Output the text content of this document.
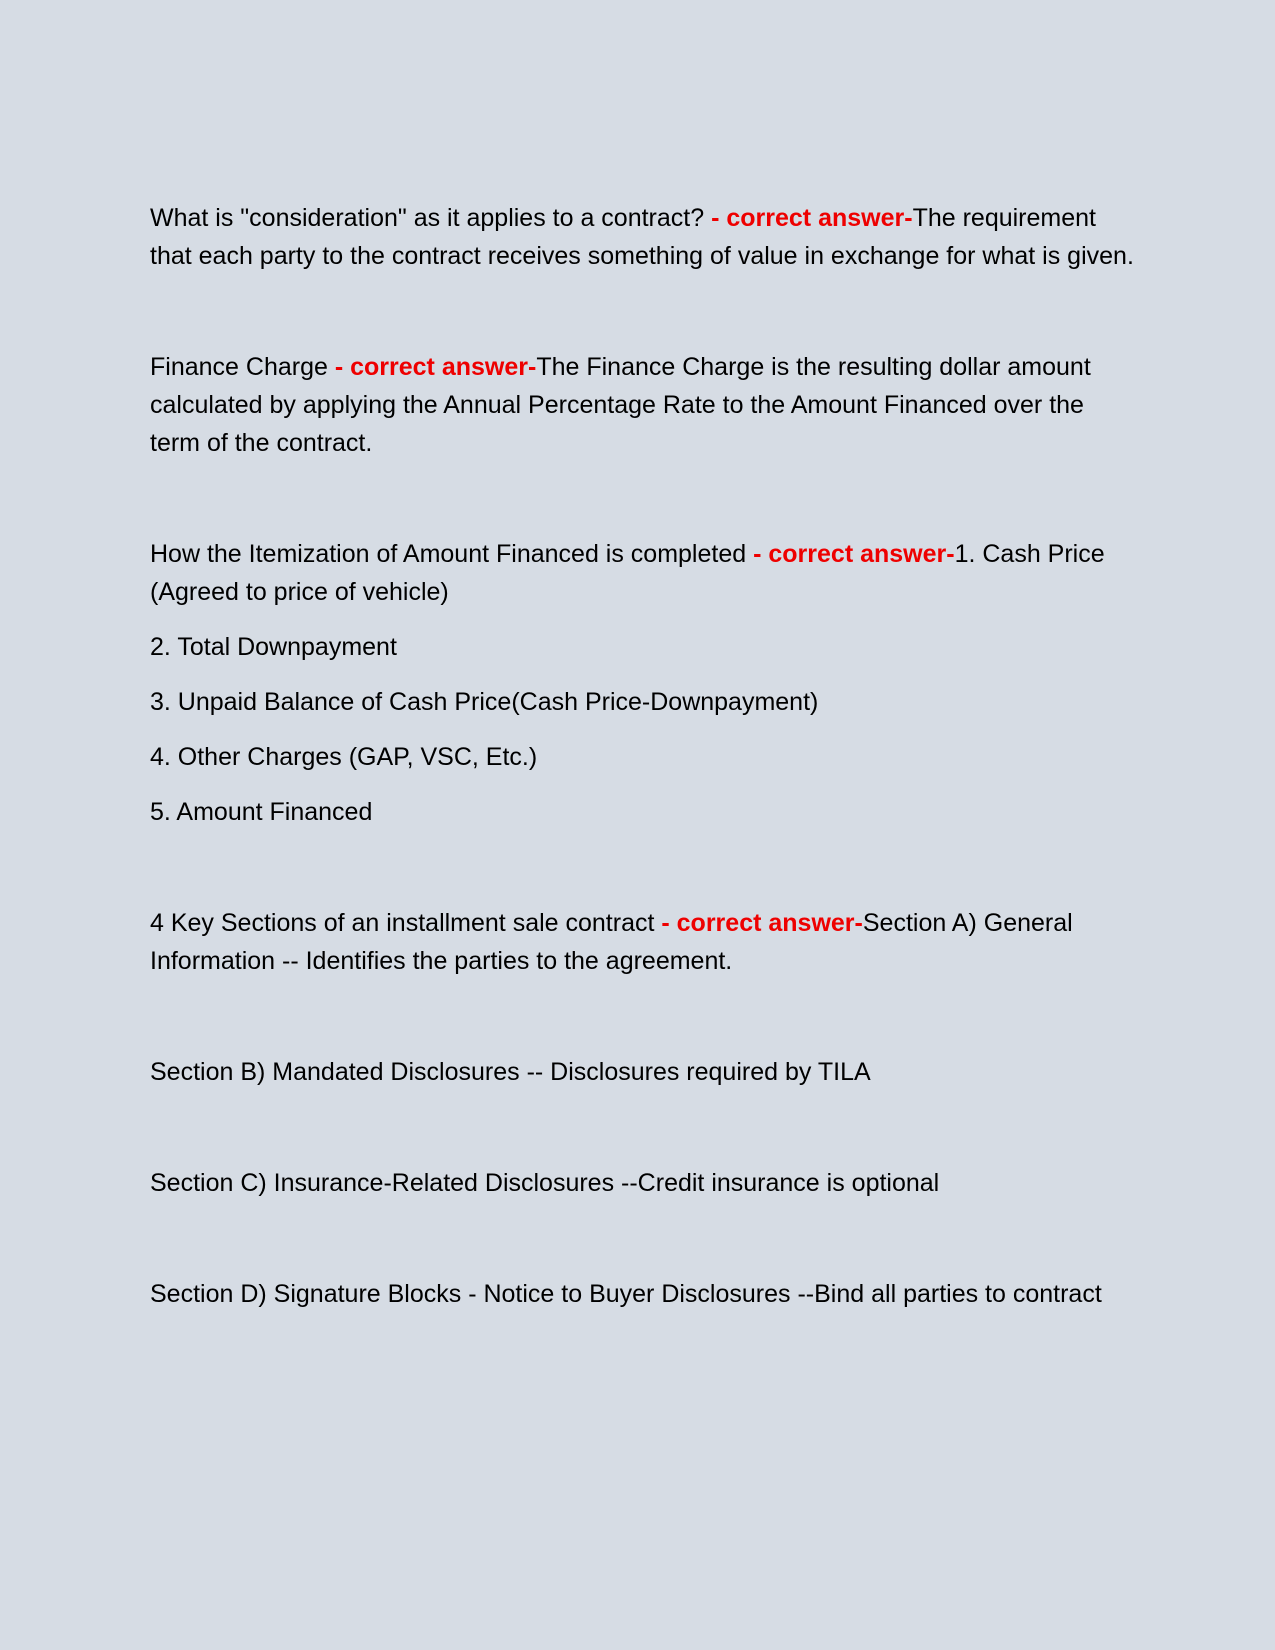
What is "consideration" as it applies to a contract? - correct answer-The requirement that each party to the contract receives something of value in exchange for what is given.

Finance Charge - correct answer-The Finance Charge is the resulting dollar amount calculated by applying the Annual Percentage Rate to the Amount Financed over the term of the contract.

How the Itemization of Amount Financed is completed - correct answer-1. Cash Price (Agreed to price of vehicle)

2. Total Downpayment

3. Unpaid Balance of Cash Price(Cash Price-Downpayment)

4. Other Charges (GAP, VSC, Etc.)

5. Amount Financed

4 Key Sections of an installment sale contract - correct answer-Section A) General Information -- Identifies the parties to the agreement.

Section B) Mandated Disclosures -- Disclosures required by TILA

Section C) Insurance-Related Disclosures --Credit insurance is optional

Section D) Signature Blocks - Notice to Buyer Disclosures --Bind all parties to contract
